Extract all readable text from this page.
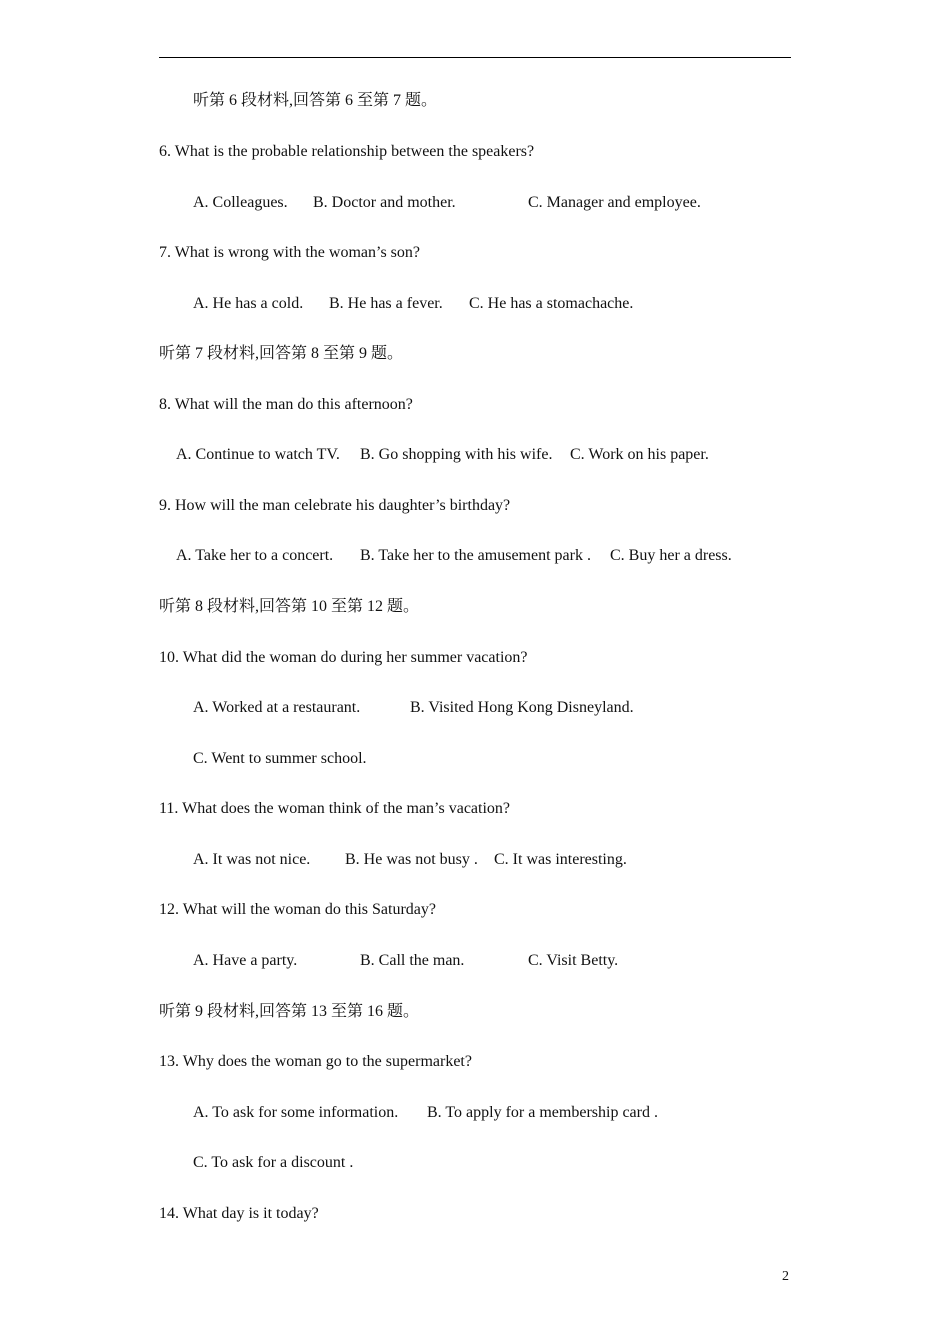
听第 6 段材料,回答第 6 至第 7 题。
6. What is the probable relationship between the speakers?
A. Colleagues. B. Doctor and mother.	C. Manager and employee.
7. What is wrong with the woman’s son?
A. He has a cold. B. He has a fever. C. He has a stomachache.
听第 7 段材料,回答第 8 至第 9 题。
8. What will the man do this afternoon?
A. Continue to watch TV. B. Go shopping with his wife. C. Work on his paper.
9. How will the man celebrate his daughter’s birthday?
A. Take her to a concert. B. Take her to the amusement park . C. Buy her a dress.
听第 8 段材料,回答第 10 至第 12 题。
10. What did the woman do during her summer vacation?
A. Worked at a restaurant.	B. Visited Hong Kong Disneyland.
C. Went to summer school.
11. What does the woman think of the man’s vacation?
A. It was not nice. B. He was not busy . C. It was interesting.
12. What will the woman do this Saturday?
A. Have a party.	B. Call the man.	C. Visit Betty.
听第 9 段材料,回答第 13 至第 16 题。
13. Why does the woman go to the supermarket?
A. To ask for some information. B. To apply for a membership card .
C. To ask for a discount .
14. What day is it today?
2
